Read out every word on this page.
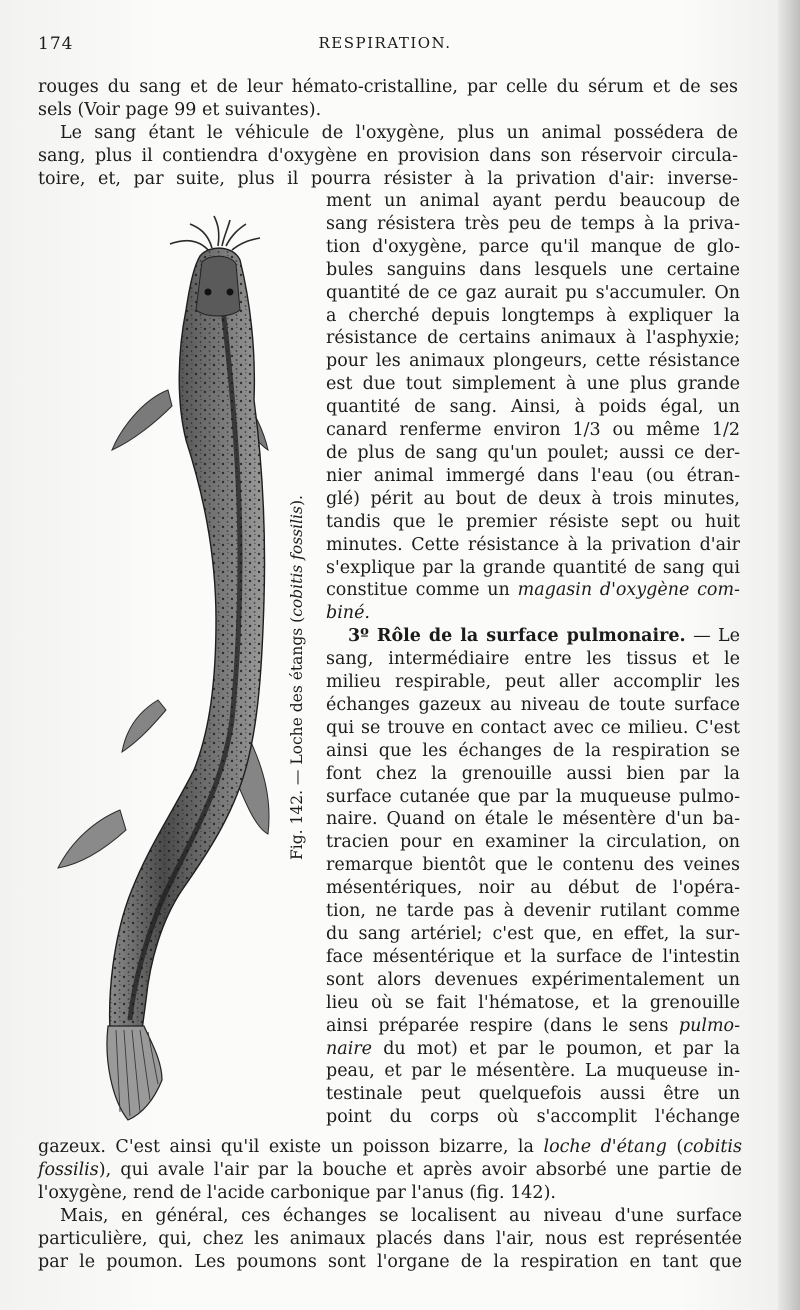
174	RESPIRATION.
rouges du sang et de leur hémato-cristalline, par celle du sérum et de ses
sels (Voir page 99 et suivantes).
Le sang étant le véhicule de l'oxygène, plus un animal possédera de
sang, plus il contiendra d'oxygène en provision dans son réservoir circula-
toire, et, par suite, plus il pourra résister à la privation d'air: inverse-
Fig. 142. — Loche des étangs (cobitis fossilis).
ment un animal ayant perdu beaucoup de
sang résistera très peu de temps à la priva-
tion d'oxygène, parce qu'il manque de glo-
bules sanguins dans lesquels une certaine
quantité de ce gaz aurait pu s'accumuler. On
a cherché depuis longtemps à expliquer la
résistance de certains animaux à l'asphyxie;
pour les animaux plongeurs, cette résistance
est due tout simplement à une plus grande
quantité de sang. Ainsi, à poids égal, un
canard renferme environ 1/3 ou même 1/2
de plus de sang qu'un poulet; aussi ce der-
nier animal immergé dans l'eau (ou étran-
glé) périt au bout de deux à trois minutes,
tandis que le premier résiste sept ou huit
minutes. Cette résistance à la privation d'air
s'explique par la grande quantité de sang qui
constitue comme un magasin d'oxygène com-
biné.
3º Rôle de la surface pulmonaire. — Le
sang, intermédiaire entre les tissus et le
milieu respirable, peut aller accomplir les
échanges gazeux au niveau de toute surface
qui se trouve en contact avec ce milieu. C'est
ainsi que les échanges de la respiration se
font chez la grenouille aussi bien par la
surface cutanée que par la muqueuse pulmo-
naire. Quand on étale le mésentère d'un ba-
tracien pour en examiner la circulation, on
remarque bientôt que le contenu des veines
mésentériques, noir au début de l'opéra-
tion, ne tarde pas à devenir rutilant comme
du sang artériel; c'est que, en effet, la sur-
face mésentérique et la surface de l'intestin
sont alors devenues expérimentalement un
lieu où se fait l'hématose, et la grenouille
ainsi préparée respire (dans le sens pulmo-
naire du mot) et par le poumon, et par la
peau, et par le mésentère. La muqueuse in-
testinale peut quelquefois aussi être un
point du corps où s'accomplit l'échange
gazeux. C'est ainsi qu'il existe un poisson bizarre, la loche d'étang (cobitis
fossilis), qui avale l'air par la bouche et après avoir absorbé une partie de
l'oxygène, rend de l'acide carbonique par l'anus (fig. 142).
Mais, en général, ces échanges se localisent au niveau d'une surface
particulière, qui, chez les animaux placés dans l'air, nous est représentée
par le poumon. Les poumons sont l'organe de la respiration en tant que
